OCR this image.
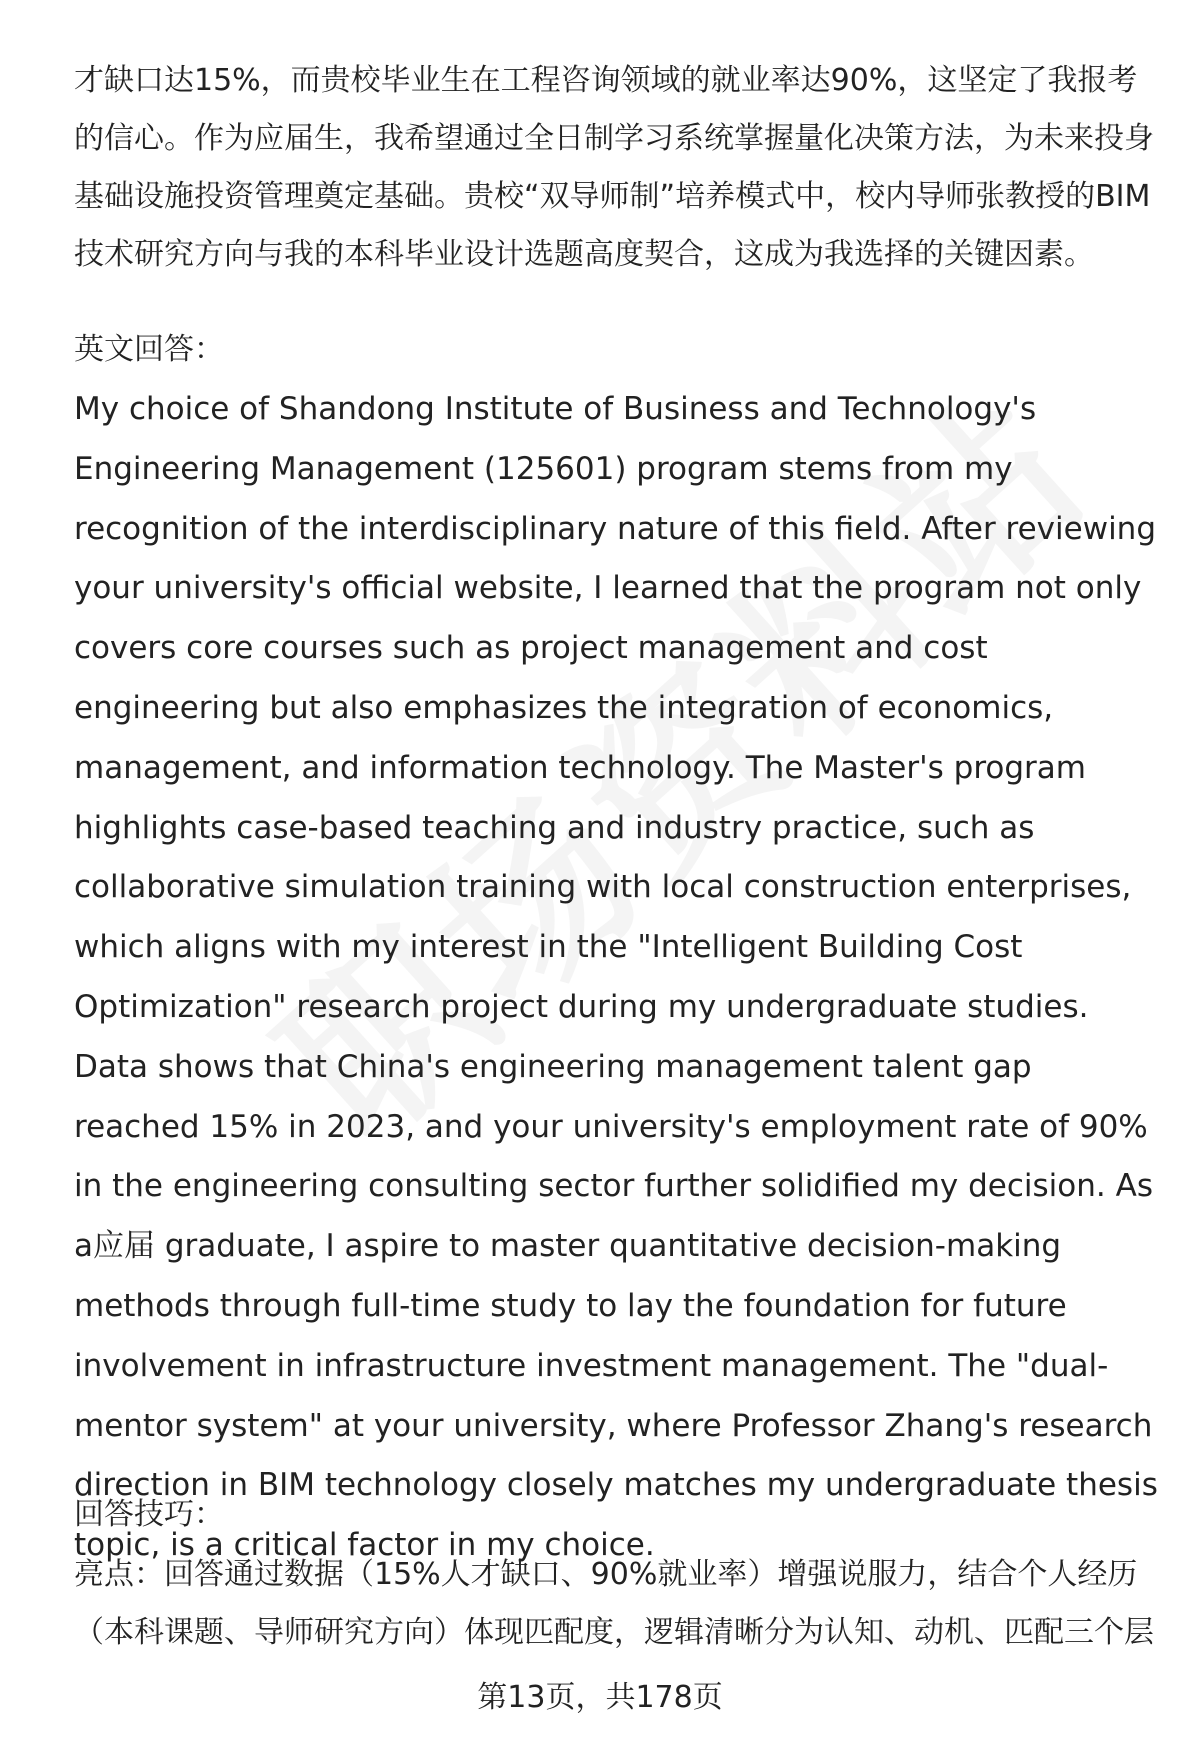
才缺口达15%，而贵校毕业生在工程咨询领域的就业率达90%，这坚定了我报考的信心。作为应届生，我希望通过全日制学习系统掌握量化决策方法，为未来投身基础设施投资管理奠定基础。贵校“双导师制”培养模式中，校内导师张教授的BIM技术研究方向与我的本科毕业设计选题高度契合，这成为我选择的关键因素。

英文回答：

My choice of Shandong Institute of Business and Technology's Engineering Management (125601) program stems from my recognition of the interdisciplinary nature of this field. After reviewing your university's official website, I learned that the program not only covers core courses such as project management and cost engineering but also emphasizes the integration of economics, management, and information technology. The Master's program highlights case-based teaching and industry practice, such as collaborative simulation training with local construction enterprises, which aligns with my interest in the "Intelligent Building Cost Optimization" research project during my undergraduate studies. Data shows that China's engineering management talent gap reached 15% in 2023, and your university's employment rate of 90% in the engineering consulting sector further solidified my decision. As a应届 graduate, I aspire to master quantitative decision-making methods through full-time study to lay the foundation for future involvement in infrastructure investment management. The "dual-mentor system" at your university, where Professor Zhang's research direction in BIM technology closely matches my undergraduate thesis topic, is a critical factor in my choice.

回答技巧：

亮点：回答通过数据（15%人才缺口、90%就业率）增强说服力，结合个人经历（本科课题、导师研究方向）体现匹配度，逻辑清晰分为认知、动机、匹配三个层

第13页，共178页
